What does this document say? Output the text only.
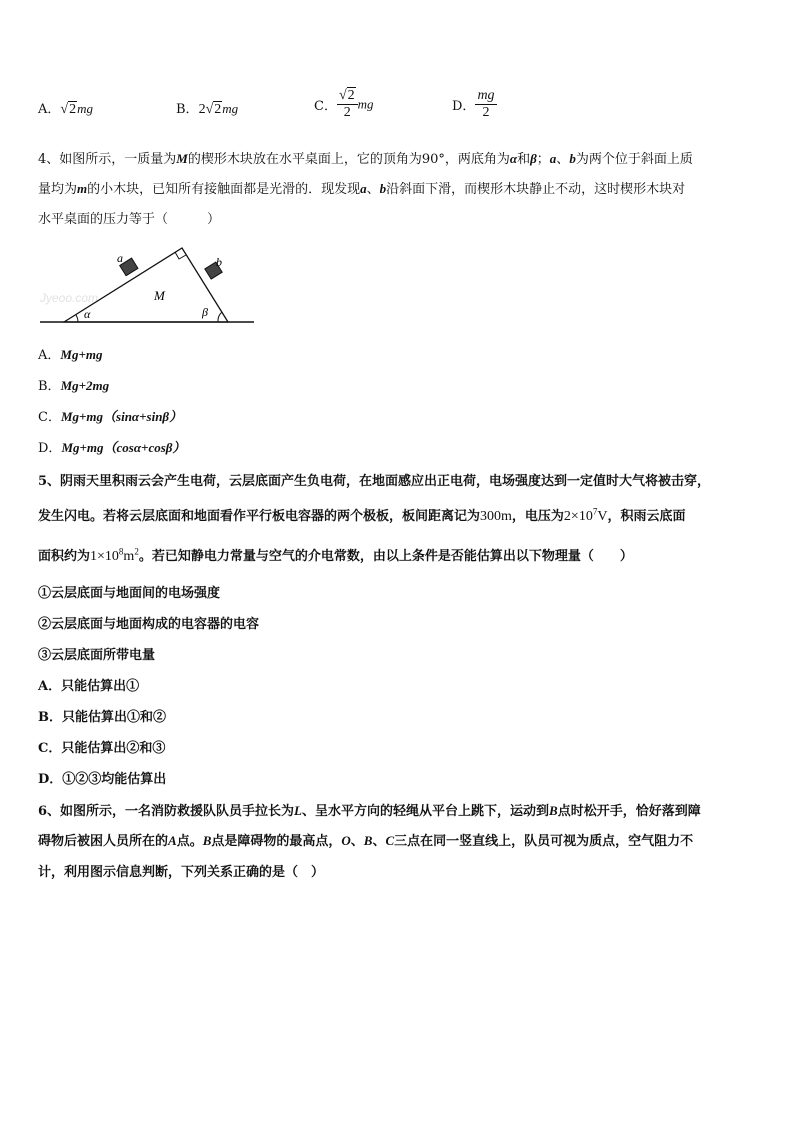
A．√2mg	B．2√2mg	C． $\frac{√2}{2}$ mg	D． $\frac{mg}{2}$
4、如图所示，一质量为M的楔形木块放在水平桌面上，它的顶角为90°，两底角为α和β；a、b为两个位于斜面上质
量均为m的小木块，已知所有接触面都是光滑的．现发现a、b沿斜面下滑，而楔形木块静止不动，这时楔形木块对
水平桌面的压力等于（　　　）
Jyeoo.com
a	b
M
α	β
A．Mg+mg
B．Mg+2mg
C．Mg+mg（sinα+sinβ）
D．Mg+mg（cosα+cosβ）
5、阴雨天里积雨云会产生电荷，云层底面产生负电荷，在地面感应出正电荷，电场强度达到一定值时大气将被击穿，
发生闪电。若将云层底面和地面看作平行板电容器的两个极板，板间距离记为300m，电压为$2\times 10^7V$，积雨云底面
面积约为$1\times 10^8m^2$。若已知静电力常量与空气的介电常数，由以上条件是否能估算出以下物理量（　　）
①云层底面与地面间的电场强度
②云层底面与地面构成的电容器的电容
③云层底面所带电量
A．只能估算出①
B．只能估算出①和②
C．只能估算出②和③
D．①②③均能估算出
6、如图所示，一名消防救援队队员手拉长为L、呈水平方向的轻绳从平台上跳下，运动到B点时松开手，恰好落到障
碍物后被困人员所在的A点。B点是障碍物的最高点，O、B、C三点在同一竖直线上，队员可视为质点，空气阻力不
计，利用图示信息判断，下列关系正确的是（　）
